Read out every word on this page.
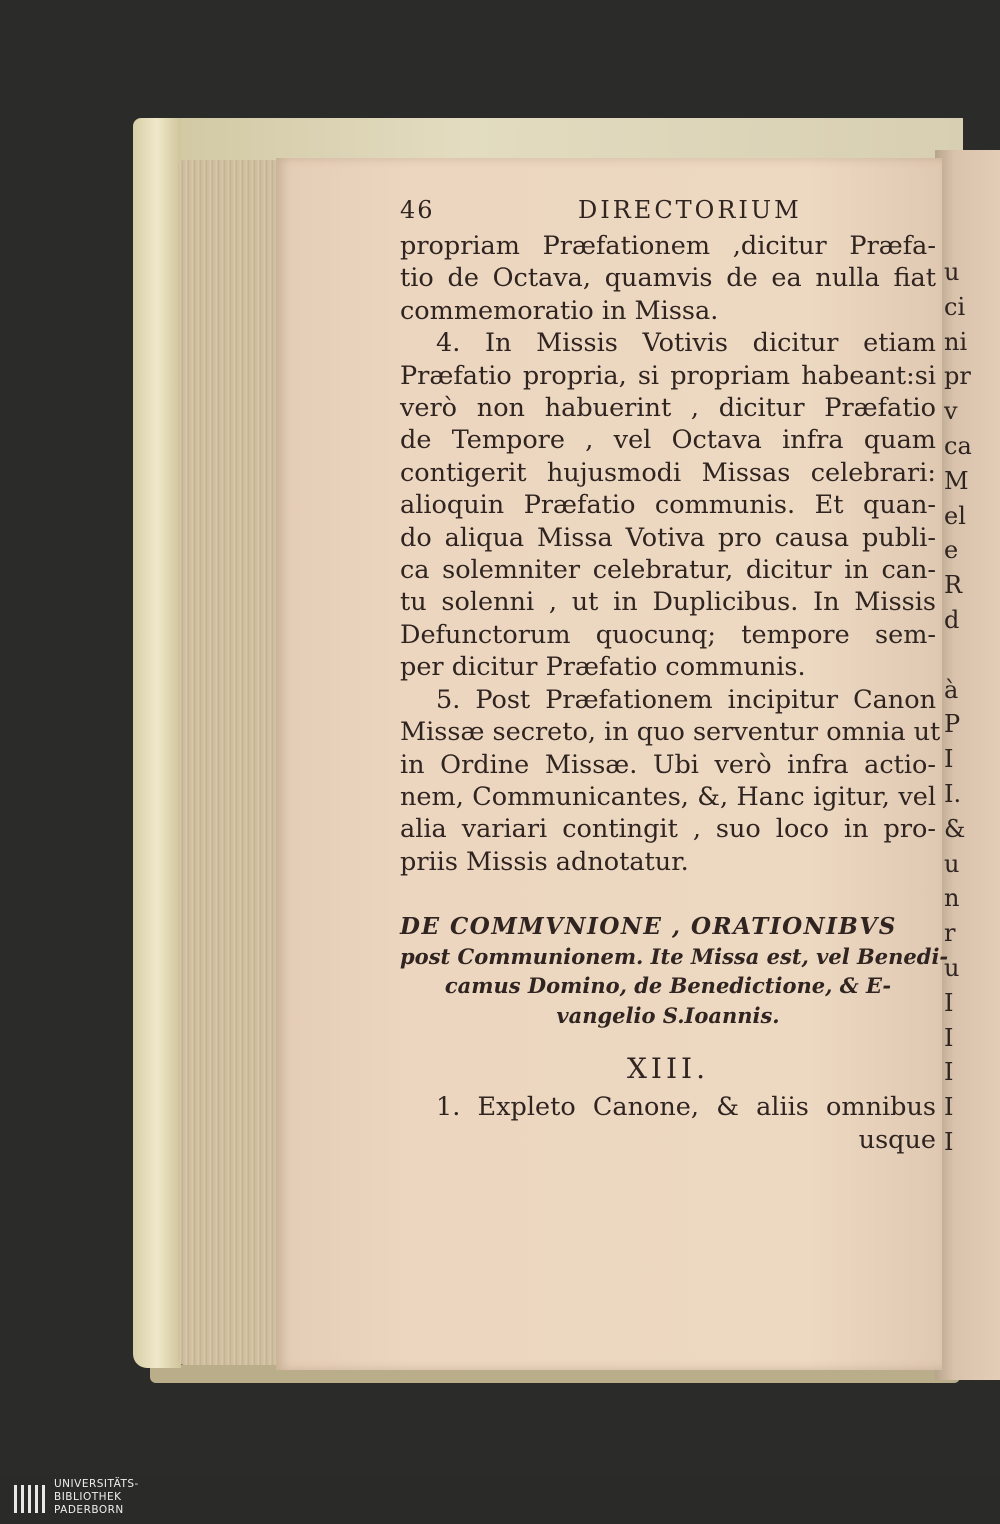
46	DIRECTORIUM
propriam Præfationem ,dicitur Præfa-
tio de Octava, quamvis de ea nulla fiat
commemoratio in Missa.
4. In Missis Votivis dicitur etiam
Præfatio propria, si propriam habeant:si
verò non habuerint , dicitur Præfatio
de Tempore , vel Octava infra quam
contigerit hujusmodi Missas celebrari:
alioquin Præfatio communis. Et quan-
do aliqua Missa Votiva pro causa publi-
ca solemniter celebratur, dicitur in can-
tu solenni , ut in Duplicibus. In Missis
Defunctorum quocunq; tempore sem-
per dicitur Præfatio communis.
5. Post Præfationem incipitur Canon
Missæ secreto, in quo serventur omnia ut
in Ordine Missæ. Ubi verò infra actio-
nem, Communicantes, &, Hanc igitur, vel
alia variari contingit , suo loco in pro-
priis Missis adnotatur.
DE COMMVNIONE , ORATIONIBVS
post Communionem. Ite Missa est, vel Benedi-
camus Domino, de Benedictione, & E-
vangelio S.Ioannis.
XIII.
1. Expleto Canone, & aliis omnibus
usque
u
ci
ni
pr
v
ca
M
el
e
R
d

à
P
I
I.
&
u
n
r
u
I
I
I
I
I
UNIVERSITÄTS-
BIBLIOTHEK
PADERBORN
